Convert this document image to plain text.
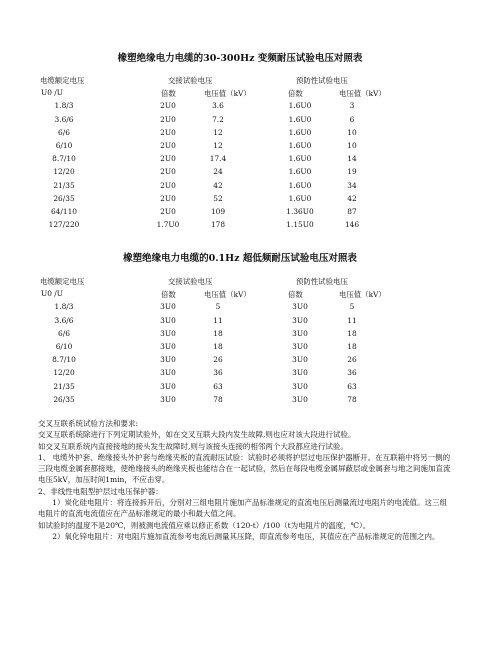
橡塑绝缘电力电缆的30-300Hz 变频耐压试验电压对照表
电缆额定电压	交接试验电压	预防性试验电压
U0 /U	倍数	电压值（kV）	倍数	电压值（kV）
1.8/3	2U0	3.6	1.6U0	3
3.6/6	2U0	7.2	1.6U0	6
6/6	2U0	12	1.6U0	10
6/10	2U0	12	1.6U0	10
8.7/10	2U0	17.4	1.6U0	14
12/20	2U0	24	1.6U0	19
21/35	2U0	42	1.6U0	34
26/35	2U0	52	1.6U0	42
64/110	2U0	109	1.36U0	87
127/220	1.7U0	178	1.15U0	146
橡塑绝缘电力电缆的0.1Hz 超低频耐压试验电压对照表
电缆额定电压	交接试验电压	预防性试验电压
U0 /U	倍数	电压值（kV）	倍数	电压值（kV）
1.8/3	3U0	5	3U0	5
3.6/6	3U0	11	3U0	11
6/6	3U0	18	3U0	18
6/10	3U0	18	3U0	18
8.7/10	3U0	26	3U0	26
12/20	3U0	36	3U0	36
21/35	3U0	63	3U0	63
26/35	3U0	78	3U0	78
交叉互联系统试验方法和要求:
交叉互联系统除进行下列定期试验外，如在交叉互联大段内发生故障,则也应对该大段进行试验。
如交叉互联系统内直接接地的接头发生故障时,则与该接头连接的相邻两个大段都应进行试验。
1、 电缆外护套、绝缘接头外护套与绝缘夹板的直流耐压试验：试验时必须将护层过电压保护器断开。在互联箱中将另一侧的三段电缆金属套都接地，使绝缘接头的绝缘夹板也能结合在一起试验，然后在每段电缆金属屏蔽层或金属套与地之间施加直流电压5kV，加压时间1min，不应击穿。
2、非线性电阻型护层过电压保护器：
1）炭化硅电阻片：将连接拆开后，分别对三组电阻片施加产品标准规定的直流电压后测量流过电阻片的电流值。这三组电阻片的直流电流值应在产品标准规定的最小和最大值之间。
如试验时的温度不是20℃，则被测电流值应乘以修正系数（120-t）/100（t为电阻片的温度，℃）。
2）氧化锌电阻片：对电阻片施加直流参考电流后测量其压降，即直流参考电压，其值应在产品标准规定的范围之内。
